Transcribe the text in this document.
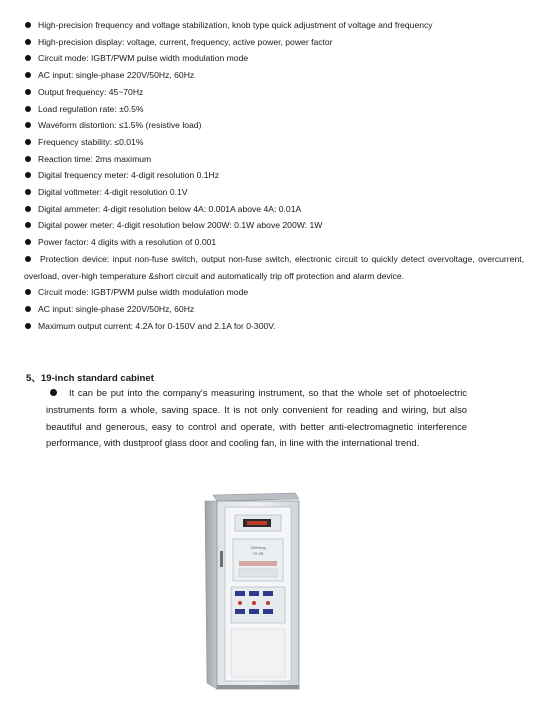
High-precision frequency and voltage stabilization, knob type quick adjustment of voltage and frequency
High-precision display: voltage, current, frequency, active power, power factor
Circuit mode: IGBT/PWM pulse width modulation mode
AC input: single-phase 220V/50Hz, 60Hz
Output frequency: 45~70Hz
Load regulation rate: ±0.5%
Waveform distortion: ≤1.5% (resistive load)
Frequency stability: ≤0.01%
Reaction time: 2ms maximum
Digital frequency meter: 4-digit resolution 0.1Hz
Digital voltmeter: 4-digit resolution 0.1V
Digital ammeter: 4-digit resolution below 4A: 0.001A above 4A: 0.01A
Digital power meter: 4-digit resolution below 200W: 0.1W above 200W: 1W
Power factor: 4 digits with a resolution of 0.001
Protection device: input non-fuse switch, output non-fuse switch, electronic circuit to quickly detect overvoltage, overcurrent, overload, over-high temperature &short circuit and automatically trip off protection and alarm device.
Circuit mode: IGBT/PWM pulse width modulation mode
AC input: single-phase 220V/50Hz, 60Hz
Maximum output current: 4.2A for 0-150V and 2.1A for 0-300V.
5、19-inch standard cabinet
It can be put into the company's measuring instrument, so that the whole set of photoelectric instruments form a whole, saving space. It is not only convenient for reading and wiring, but also beautiful and generous, easy to control and operate, with better anti-electromagnetic interference performance, with dustproof glass door and cooling fan, in line with the international trend.
ZhiHeng
TH-SB
